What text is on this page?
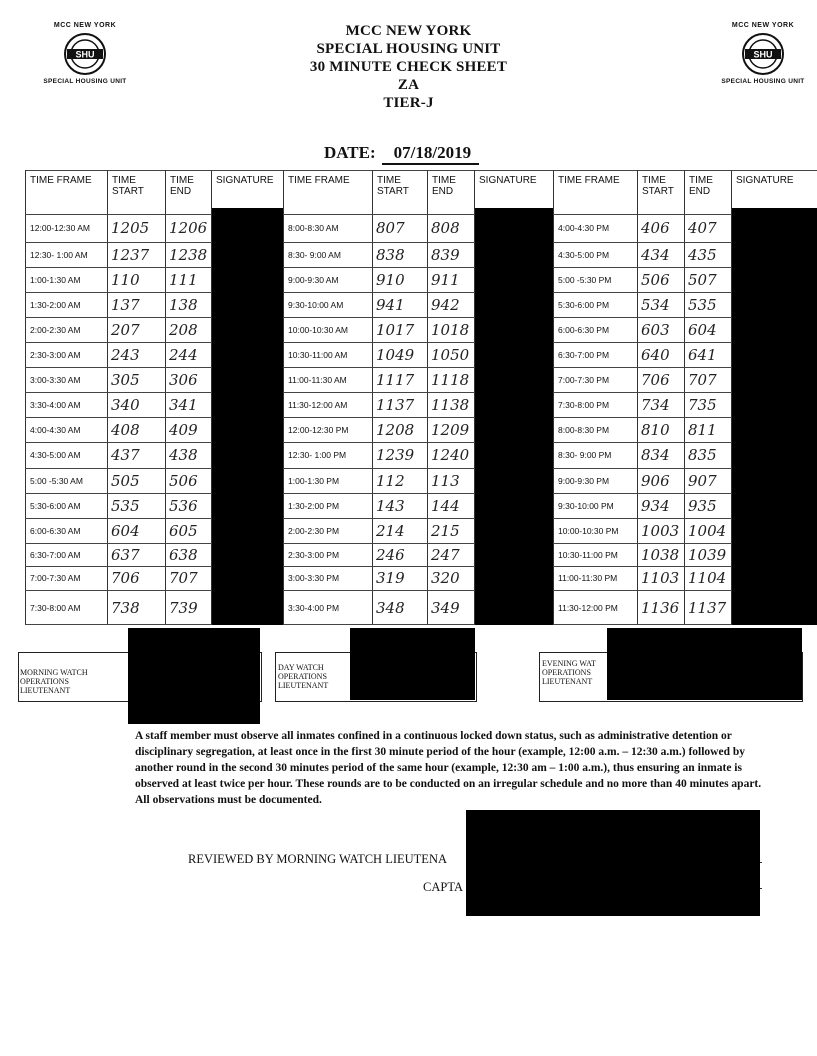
MCC NEW YORK
SHU
SPECIAL HOUSING UNIT
MCC NEW YORK
SHU
SPECIAL HOUSING UNIT
MCC NEW YORK
SPECIAL HOUSING UNIT
30 MINUTE CHECK SHEET
ZA
TIER-J
DATE: 07/18/2019
TIME FRAME	TIME START
TIME END
SIGNATURE
12:00-12:30 AM	1205	1206
12:30- 1:00 AM	1237	1238
1:00-1:30 AM	110	111
1:30-2:00 AM	137	138
2:00-2:30 AM	207	208
2:30-3:00 AM	243	244
3:00-3:30 AM	305	306
3:30-4:00 AM	340	341
4:00-4:30 AM	408	409
4:30-5:00 AM	437	438
5:00 -5:30 AM	505	506
5:30-6:00 AM	535	536
6:00-6:30 AM	604	605
6:30-7:00 AM	637	638
7:00-7:30 AM	706	707
7:30-8:00 AM	738	739
TIME FRAME	TIME START
TIME END
SIGNATURE
8:00-8:30 AM	807	808
8:30- 9:00 AM	838	839
9:00-9:30 AM	910	911
9:30-10:00 AM	941	942
10:00-10:30 AM	1017	1018
10:30-11:00 AM	1049	1050
11:00-11:30 AM	1117	1118
11:30-12:00 AM	1137	1138
12:00-12:30 PM	1208	1209
12:30- 1:00 PM	1239	1240
1:00-1:30 PM	112	113
1:30-2:00 PM	143	144
2:00-2:30 PM	214	215
2:30-3:00 PM	246	247
3:00-3:30 PM	319	320
3:30-4:00 PM	348	349
TIME FRAME	TIME START
TIME END
SIGNATURE
4:00-4:30 PM	406	407
4:30-5:00 PM	434	435
5:00 -5:30 PM	506	507
5:30-6:00 PM	534	535
6:00-6:30 PM	603	604
6:30-7:00 PM	640	641
7:00-7:30 PM	706	707
7:30-8:00 PM	734	735
8:00-8:30 PM	810	811
8:30- 9:00 PM	834	835
9:00-9:30 PM	906	907
9:30-10:00 PM	934	935
10:00-10:30 PM	1003 1004
10:30-11:00 PM	1038 1039
11:00-11:30 PM	1103 1104
11:30-12:00 PM	1136 1137
MORNING WATCH
OPERATIONS
LIEUTENANT
DAY WATCH
OPERATIONS
LIEUTENANT
EVENING WAT
OPERATIONS
LIEUTENANT
A staff member must observe all inmates confined in a continuous locked down status, such as administrative detention or disciplinary segregation, at least once in the first 30 minute period of the hour (example, 12:00 a.m. – 12:30 a.m.) followed by another round in the second 30 minutes period of the same hour (example, 12:30 am – 1:00 a.m.), thus ensuring an inmate is observed at least twice per hour. These rounds are to be conducted on an irregular schedule and no more than 40 minutes apart. All observations must be documented.
REVIEWED BY MORNING WATCH LIEUTENA
CAPTA
